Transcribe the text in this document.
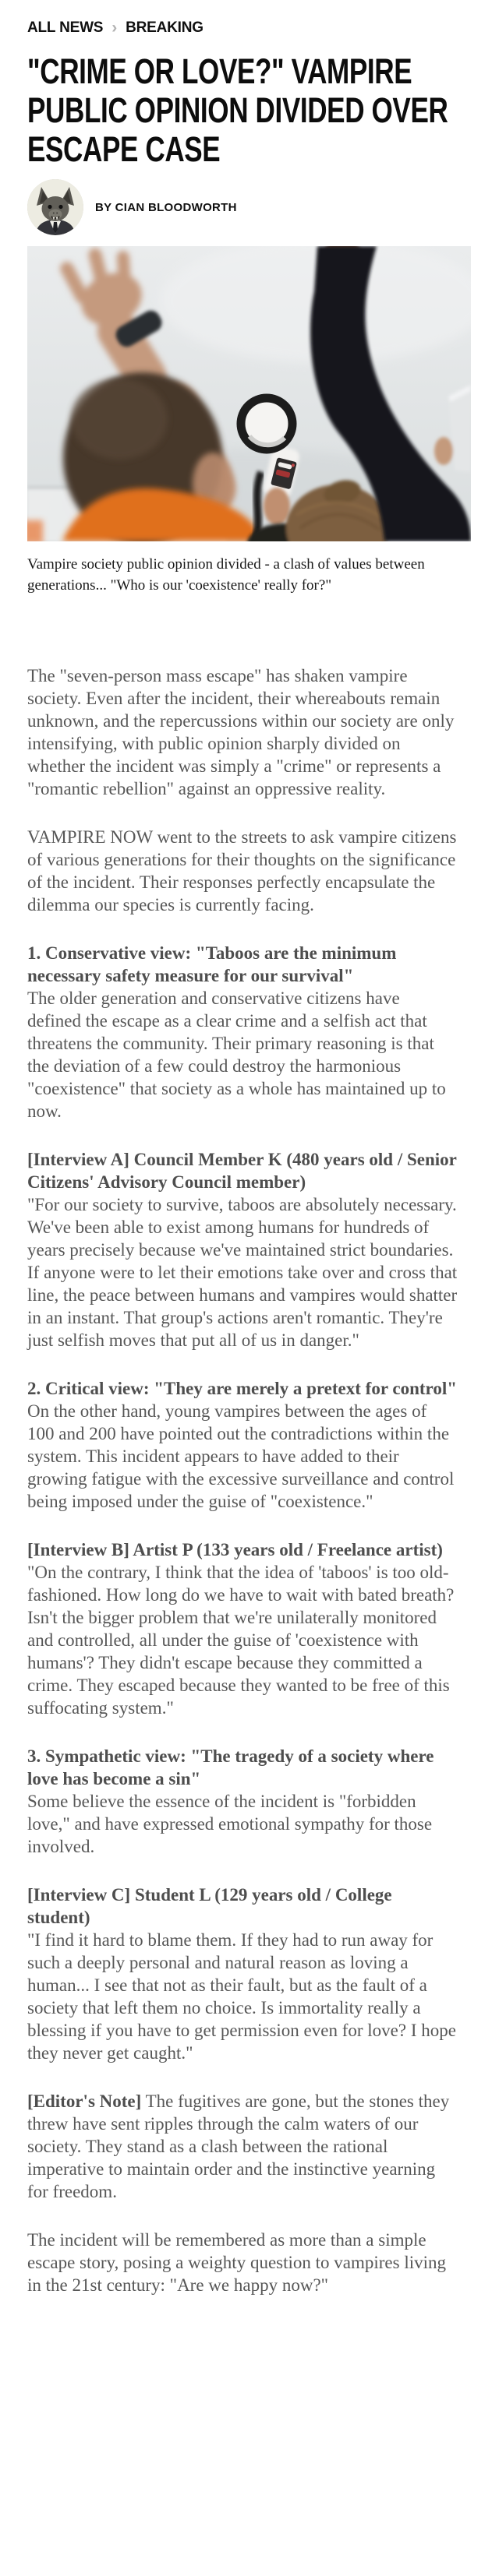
ALL NEWS › BREAKING
"CRIME OR LOVE?" VAMPIRE PUBLIC OPINION DIVIDED OVER ESCAPE CASE
BY CIAN BLOODWORTH

Vampire society public opinion divided - a clash of values between generations... "Who is our 'coexistence' really for?"

The "seven-person mass escape" has shaken vampire society. Even after the incident, their whereabouts remain unknown, and the repercussions within our society are only intensifying, with public opinion sharply divided on whether the incident was simply a "crime" or represents a "romantic rebellion" against an oppressive reality.

VAMPIRE NOW went to the streets to ask vampire citizens of various generations for their thoughts on the significance of the incident. Their responses perfectly encapsulate the dilemma our species is currently facing.

1. Conservative view: "Taboos are the minimum necessary safety measure for our survival"

The older generation and conservative citizens have defined the escape as a clear crime and a selfish act that threatens the community. Their primary reasoning is that the deviation of a few could destroy the harmonious "coexistence" that society as a whole has maintained up to now.

[Interview A] Council Member K (480 years old / Senior Citizens' Advisory Council member)

"For our society to survive, taboos are absolutely necessary. We've been able to exist among humans for hundreds of years precisely because we've maintained strict boundaries. If anyone were to let their emotions take over and cross that line, the peace between humans and vampires would shatter in an instant. That group's actions aren't romantic. They're just selfish moves that put all of us in danger."

2. Critical view: "They are merely a pretext for control"

On the other hand, young vampires between the ages of 100 and 200 have pointed out the contradictions within the system. This incident appears to have added to their growing fatigue with the excessive surveillance and control being imposed under the guise of "coexistence."

[Interview B] Artist P (133 years old / Freelance artist)

"On the contrary, I think that the idea of 'taboos' is too old-fashioned. How long do we have to wait with bated breath? Isn't the bigger problem that we're unilaterally monitored and controlled, all under the guise of 'coexistence with humans'? They didn't escape because they committed a crime. They escaped because they wanted to be free of this suffocating system."

3. Sympathetic view: "The tragedy of a society where love has become a sin"

Some believe the essence of the incident is "forbidden love," and have expressed emotional sympathy for those involved.

[Interview C] Student L (129 years old / College student)

"I find it hard to blame them. If they had to run away for such a deeply personal and natural reason as loving a human... I see that not as their fault, but as the fault of a society that left them no choice. Is immortality really a blessing if you have to get permission even for love? I hope they never get caught."

[Editor's Note] The fugitives are gone, but the stones they threw have sent ripples through the calm waters of our society. They stand as a clash between the rational imperative to maintain order and the instinctive yearning for freedom.

The incident will be remembered as more than a simple escape story, posing a weighty question to vampires living in the 21st century: "Are we happy now?"
